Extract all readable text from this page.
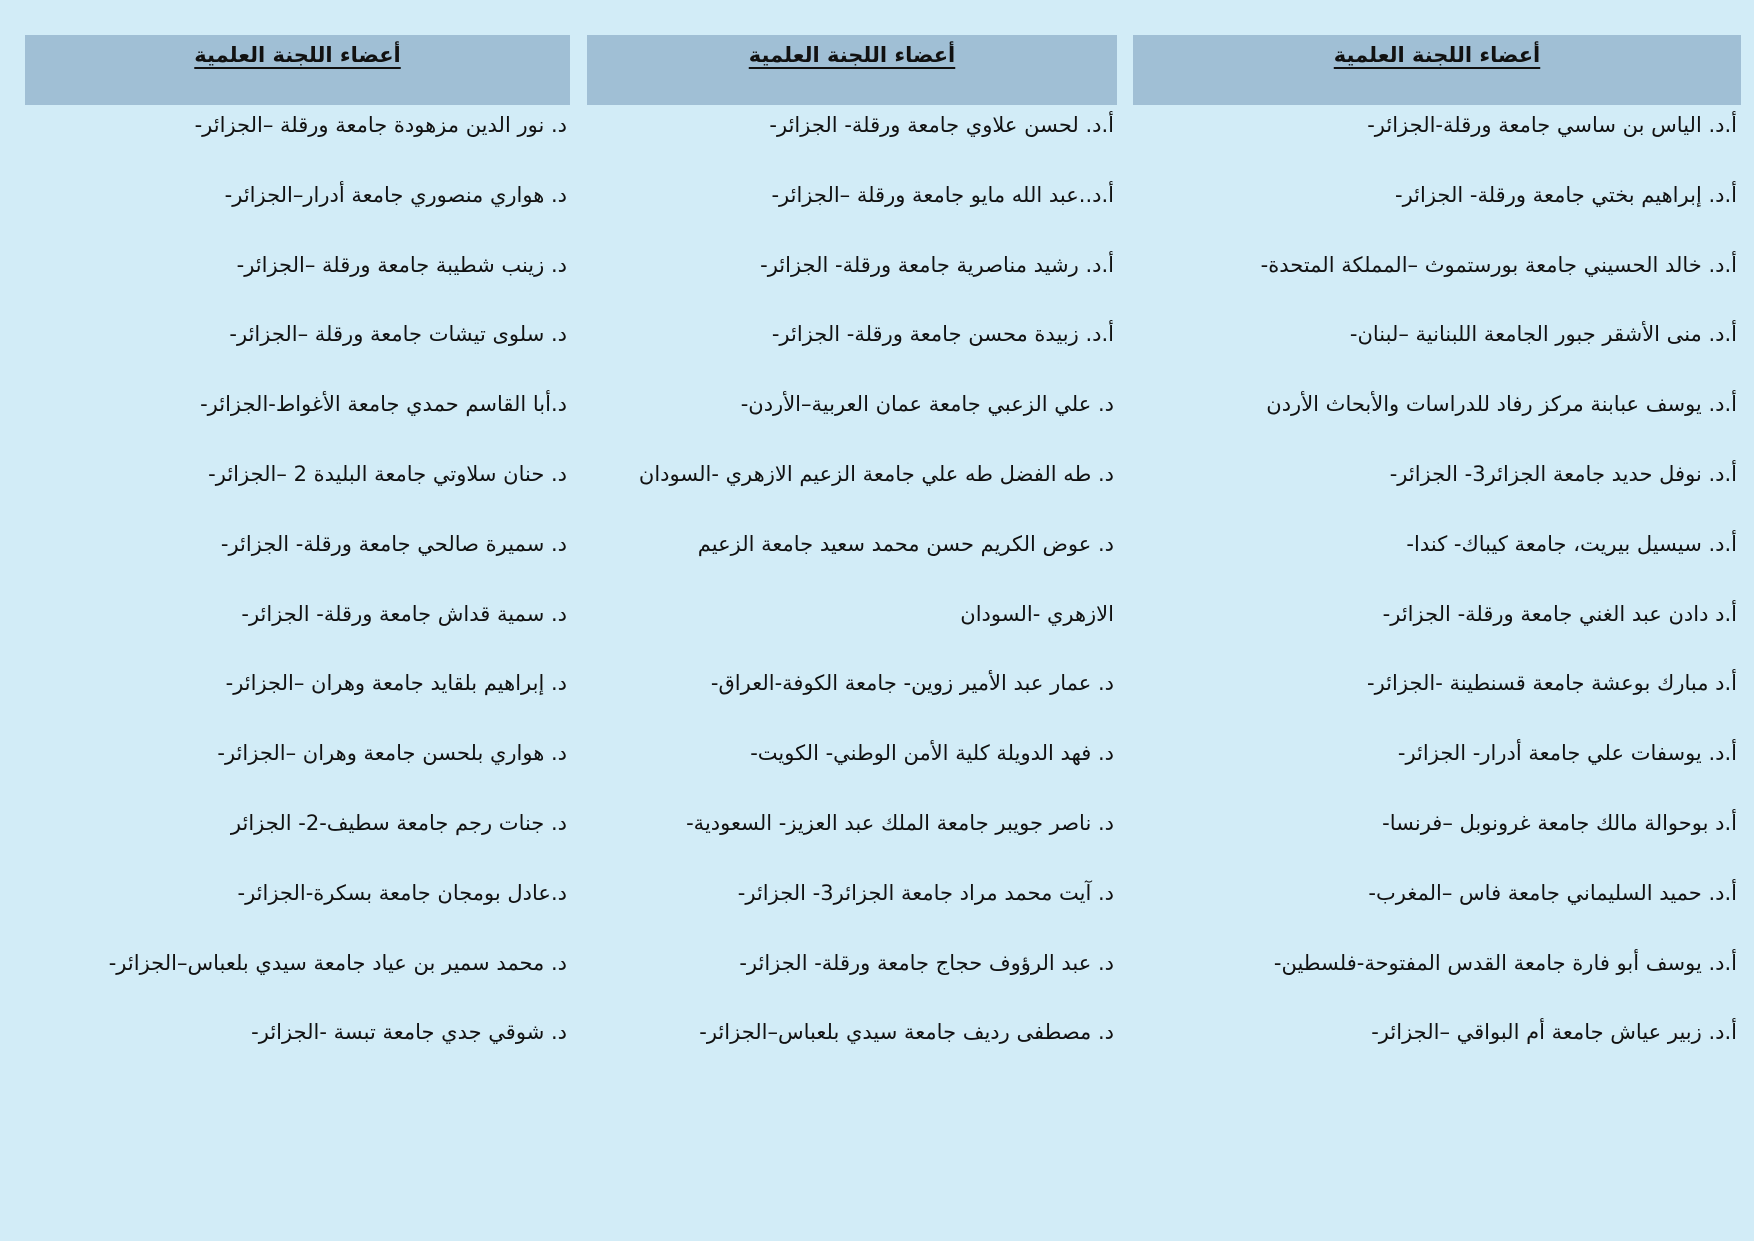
أعضاء اللجنة العلمية
أ.د. الياس بن ساسي جامعة ورقلة-الجزائر-
أ.د. إبراهيم بختي جامعة ورقلة- الجزائر-
أ.د. خالد الحسيني جامعة بورستموث –المملكة المتحدة-
أ.د. منى الأشقر جبور الجامعة اللبنانية –لبنان-
أ.د. يوسف عبابنة مركز رفاد للدراسات والأبحاث الأردن
أ.د. نوفل حديد جامعة الجزائر3- الجزائر-
أ.د. سيسيل بيريت، جامعة كيباك- كندا-
أ.د دادن عبد الغني جامعة ورقلة- الجزائر-
أ.د مبارك بوعشة جامعة قسنطينة -الجزائر-
أ.د. يوسفات علي جامعة أدرار- الجزائر-
أ.د بوحوالة مالك جامعة غرونوبل –فرنسا-
أ.د. حميد السليماني جامعة فاس –المغرب-
أ.د. يوسف أبو فارة جامعة القدس المفتوحة-فلسطين-
أ.د. زبير عياش جامعة أم البواقي –الجزائر-
أعضاء اللجنة العلمية
أ.د. لحسن علاوي جامعة ورقلة- الجزائر-
أ.د..عبد الله مايو جامعة ورقلة –الجزائر-
أ.د. رشيد مناصرية جامعة ورقلة- الجزائر-
أ.د. زبيدة محسن جامعة ورقلة- الجزائر-
د. علي الزعبي جامعة عمان العربية–الأردن-
د. طه الفضل طه علي جامعة الزعيم الازهري -السودان
د. عوض الكريم حسن محمد سعيد جامعة الزعيم
الازهري -السودان
د. عمار عبد الأمير زوين- جامعة الكوفة-العراق-
د. فهد الدويلة كلية الأمن الوطني- الكويت-
د. ناصر جويبر جامعة الملك عبد العزيز- السعودية-
د. آيت محمد مراد جامعة الجزائر3- الجزائر-
د. عبد الرؤوف حجاج جامعة ورقلة- الجزائر-
د. مصطفى رديف جامعة سيدي بلعباس–الجزائر-
أعضاء اللجنة العلمية
د. نور الدين مزهودة جامعة ورقلة –الجزائر-
د. هواري منصوري جامعة أدرار–الجزائر-
د. زينب شطيبة جامعة ورقلة –الجزائر-
د. سلوى تيشات جامعة ورقلة –الجزائر-
د.أبا القاسم حمدي جامعة الأغواط-الجزائر-
د. حنان سلاوتي جامعة البليدة 2 –الجزائر-
د. سميرة صالحي جامعة ورقلة- الجزائر-
د. سمية قداش جامعة ورقلة- الجزائر-
د. إبراهيم بلقايد جامعة وهران –الجزائر-
د. هواري بلحسن جامعة وهران –الجزائر-
د. جنات رجم جامعة سطيف-2- الجزائر
د.عادل بومجان جامعة بسكرة-الجزائر-
د. محمد سمير بن عياد جامعة سيدي بلعباس–الجزائر-
د. شوقي جدي جامعة تبسة -الجزائر-
